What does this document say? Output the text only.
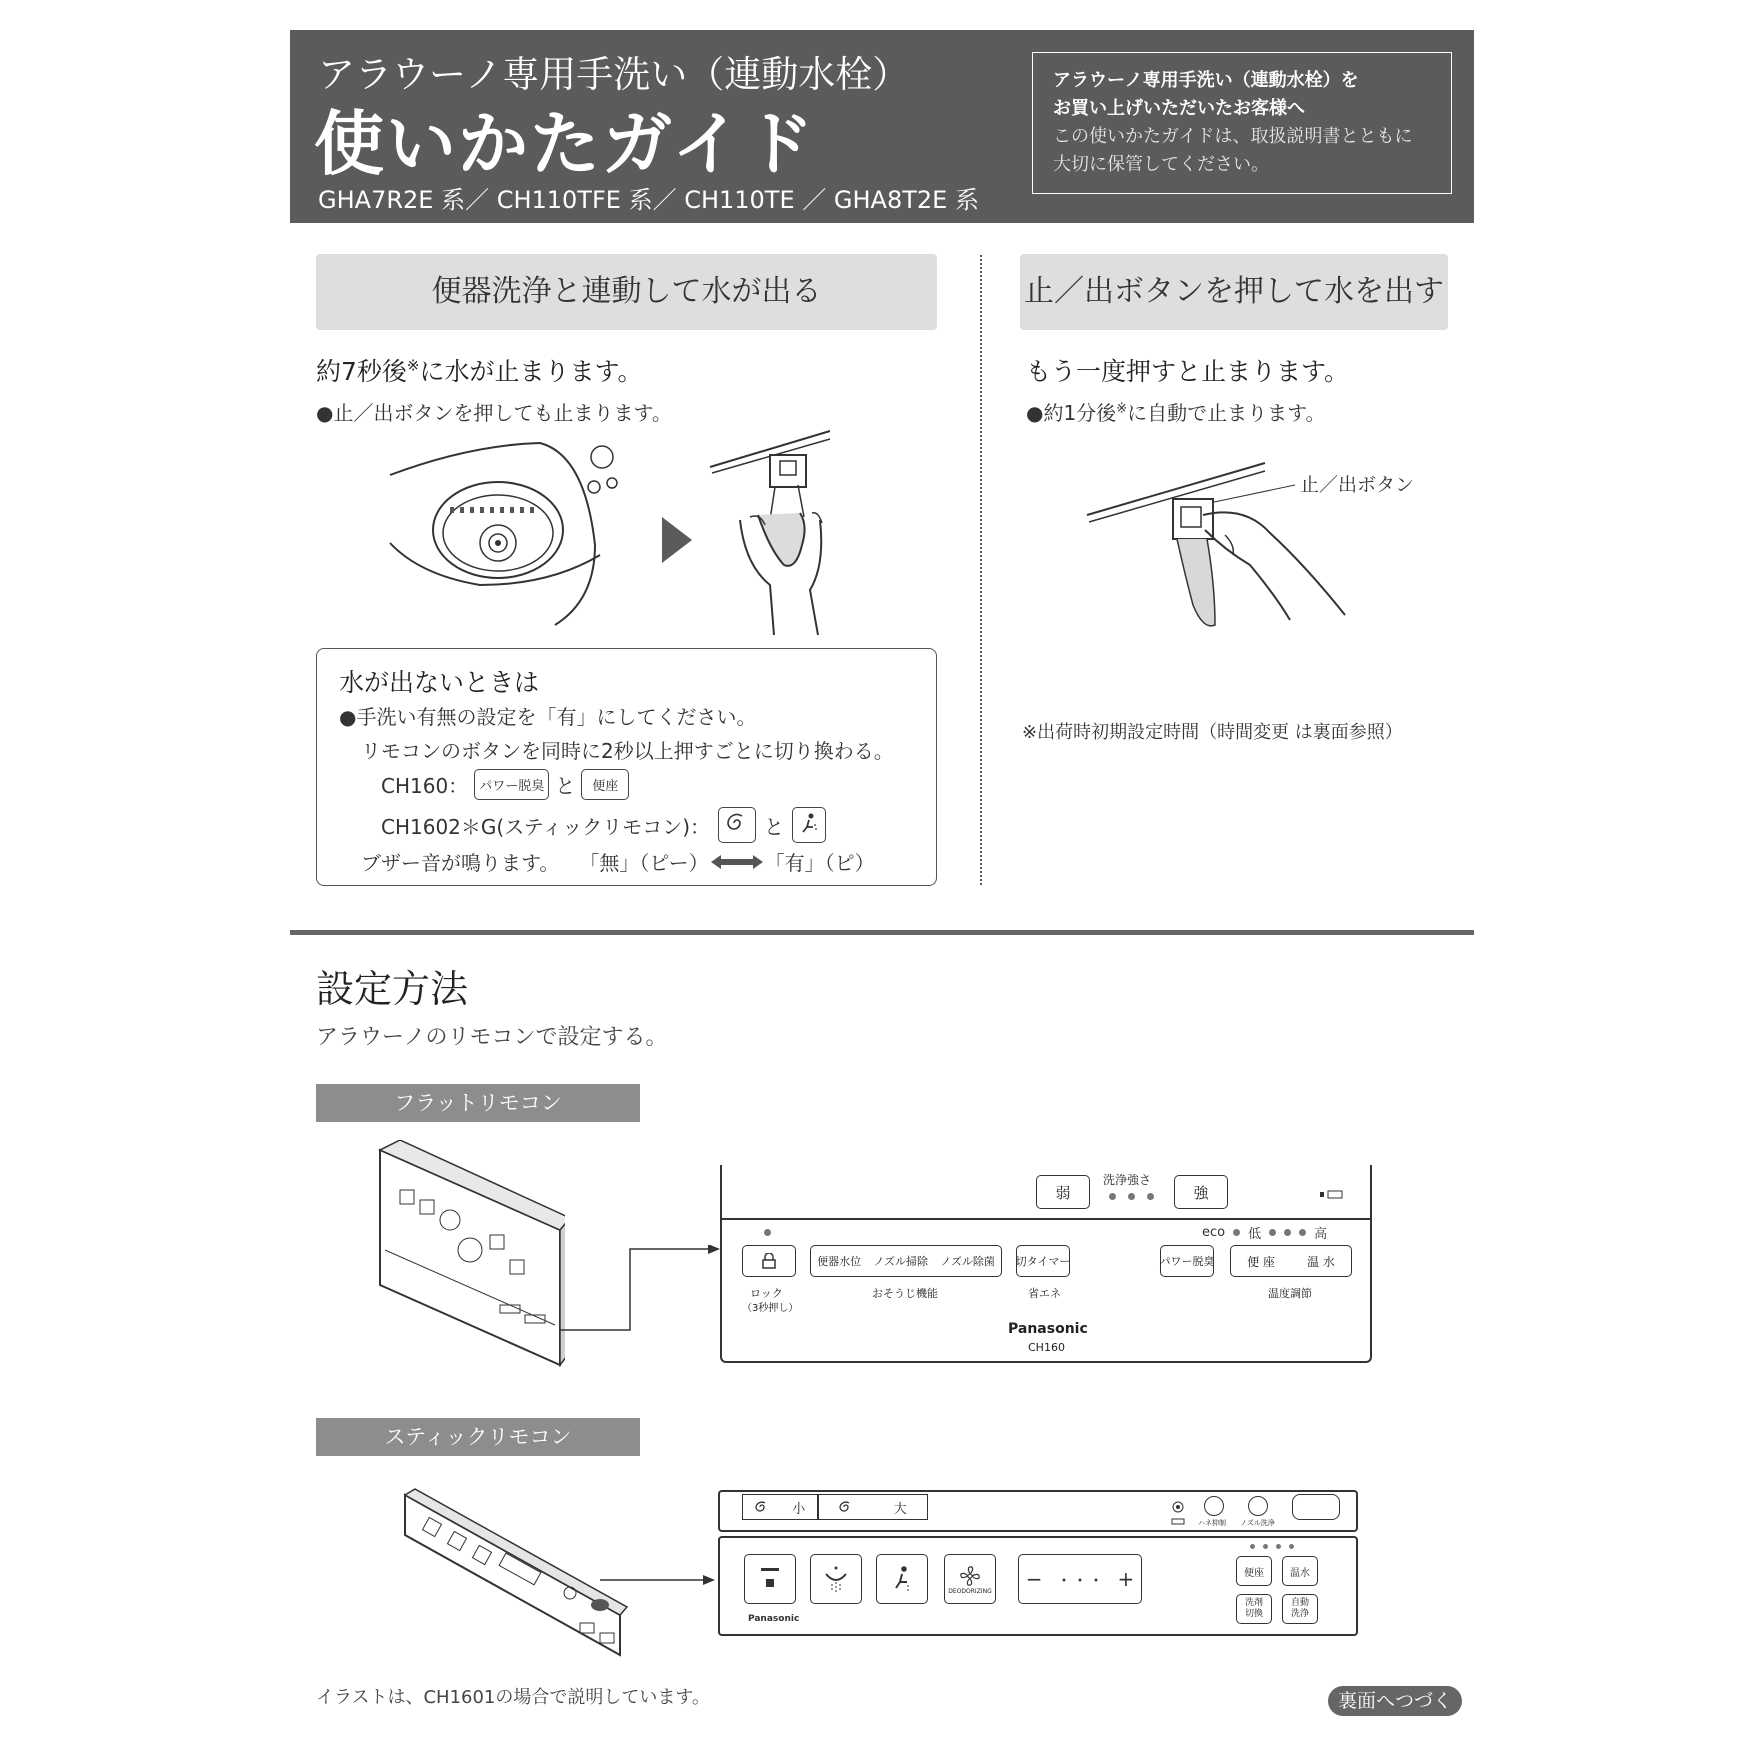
アラウーノ専用手洗い（連動水栓）
使いかたガイド
GHA7R2E 系／ CH110TFE 系／ CH110TE ／ GHA8T2E 系
アラウーノ専用手洗い（連動水栓）を
お買い上げいただいたお客様へ
この使いかたガイドは、取扱説明書とともに
大切に保管してください。
便器洗浄と連動して水が出る
約7秒後※に水が止まります。
●止／出ボタンを押しても止まります。
水が出ないときは
●手洗い有無の設定を「有」にしてください。
リモコンのボタンを同時に2秒以上押すごとに切り換わる。
CH160： パワー脱臭 と	便座
CH1602＊G(スティックリモコン)：	と
ブザー音が鳴ります。 「無」（ピー）	「有」（ピ）
止／出ボタンを押して水を出す
もう一度押すと止まります。
●約1分後※に自動で止まります。
止／出ボタン
※出荷時初期設定時間（時間変更 は裏面参照）
設定方法
アラウーノのリモコンで設定する。
フラットリモコン
弱
洗浄強さ
強
eco 低	高
ロック
（3秒押し）
便器水位 ノズル掃除 ノズル除菌
おそうじ機能
切タイマー
省エネ
パワー脱臭	便 座	温 水
温度調節
Panasonic
CH160
スティックリモコン
小	大
ハネ抑制 ノズル洗浄
DEODORIZING − ・・・ +	便座	温水
洗剤
切換
自動
洗浄
Panasonic
イラストは、CH1601の場合で説明しています。	裏面へつづく
